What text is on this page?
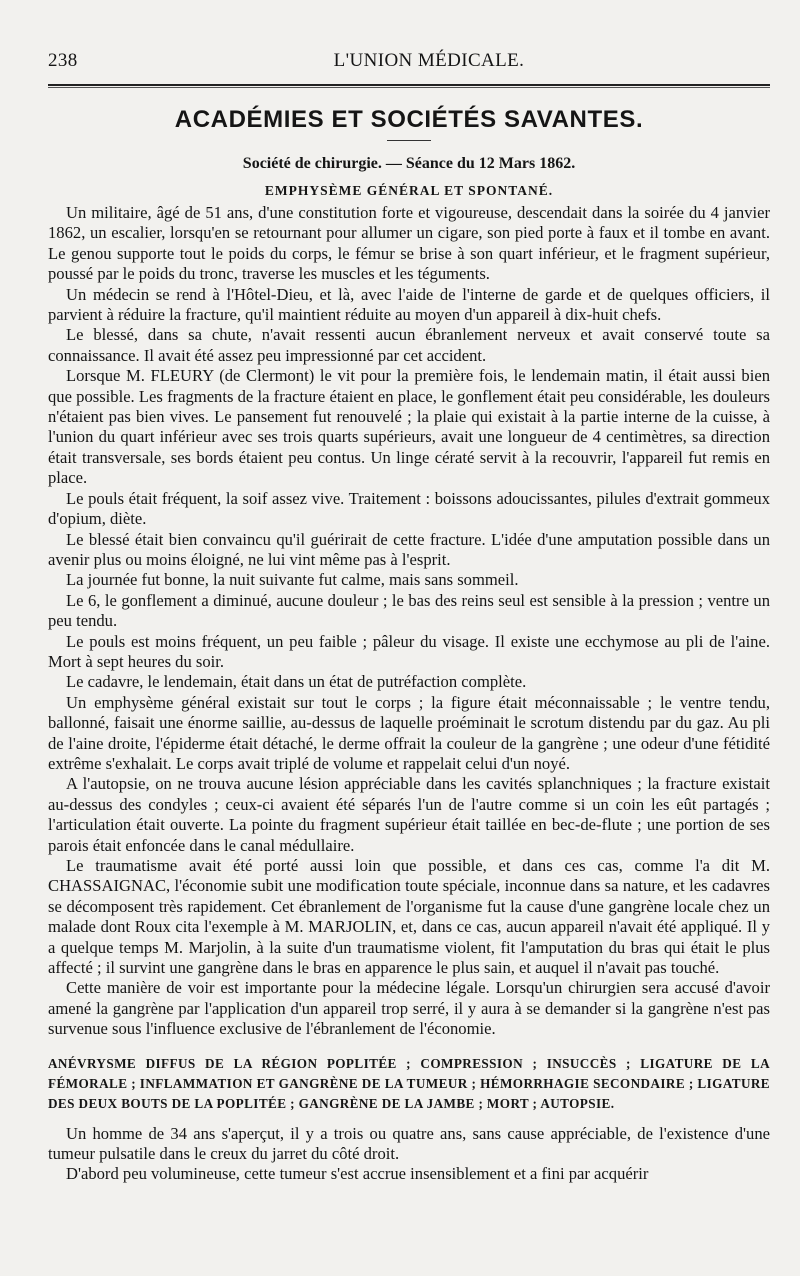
238	L'UNION MÉDICALE.
ACADÉMIES ET SOCIÉTÉS SAVANTES.
Société de chirurgie. — Séance du 12 Mars 1862.
EMPHYSÈME GÉNÉRAL ET SPONTANÉ.

Un militaire, âgé de 51 ans, d'une constitution forte et vigoureuse, descendait dans la soirée du 4 janvier 1862, un escalier, lorsqu'en se retournant pour allumer un cigare, son pied porte à faux et il tombe en avant. Le genou supporte tout le poids du corps, le fémur se brise à son quart inférieur, et le fragment supérieur, poussé par le poids du tronc, traverse les muscles et les téguments.

Un médecin se rend à l'Hôtel-Dieu, et là, avec l'aide de l'interne de garde et de quelques officiers, il parvient à réduire la fracture, qu'il maintient réduite au moyen d'un appareil à dix-huit chefs.

Le blessé, dans sa chute, n'avait ressenti aucun ébranlement nerveux et avait conservé toute sa connaissance. Il avait été assez peu impressionné par cet accident.

Lorsque M. FLEURY (de Clermont) le vit pour la première fois, le lendemain matin, il était aussi bien que possible. Les fragments de la fracture étaient en place, le gonflement était peu considérable, les douleurs n'étaient pas bien vives. Le pansement fut renouvelé ; la plaie qui existait à la partie interne de la cuisse, à l'union du quart inférieur avec ses trois quarts supérieurs, avait une longueur de 4 centimètres, sa direction était transversale, ses bords étaient peu contus. Un linge cératé servit à la recouvrir, l'appareil fut remis en place.

Le pouls était fréquent, la soif assez vive. Traitement : boissons adoucissantes, pilules d'extrait gommeux d'opium, diète.

Le blessé était bien convaincu qu'il guérirait de cette fracture. L'idée d'une amputation possible dans un avenir plus ou moins éloigné, ne lui vint même pas à l'esprit.

La journée fut bonne, la nuit suivante fut calme, mais sans sommeil.

Le 6, le gonflement a diminué, aucune douleur ; le bas des reins seul est sensible à la pression ; ventre un peu tendu.

Le pouls est moins fréquent, un peu faible ; pâleur du visage. Il existe une ecchymose au pli de l'aine. Mort à sept heures du soir.

Le cadavre, le lendemain, était dans un état de putréfaction complète.

Un emphysème général existait sur tout le corps ; la figure était méconnaissable ; le ventre tendu, ballonné, faisait une énorme saillie, au-dessus de laquelle proéminait le scrotum distendu par du gaz. Au pli de l'aine droite, l'épiderme était détaché, le derme offrait la couleur de la gangrène ; une odeur d'une fétidité extrême s'exhalait. Le corps avait triplé de volume et rappelait celui d'un noyé.

A l'autopsie, on ne trouva aucune lésion appréciable dans les cavités splanchniques ; la fracture existait au-dessus des condyles ; ceux-ci avaient été séparés l'un de l'autre comme si un coin les eût partagés ; l'articulation était ouverte. La pointe du fragment supérieur était taillée en bec-de-flute ; une portion de ses parois était enfoncée dans le canal médullaire.

Le traumatisme avait été porté aussi loin que possible, et dans ces cas, comme l'a dit M. CHASSAIGNAC, l'économie subit une modification toute spéciale, inconnue dans sa nature, et les cadavres se décomposent très rapidement. Cet ébranlement de l'organisme fut la cause d'une gangrène locale chez un malade dont Roux cita l'exemple à M. MARJOLIN, et, dans ce cas, aucun appareil n'avait été appliqué. Il y a quelque temps M. Marjolin, à la suite d'un traumatisme violent, fit l'amputation du bras qui était le plus affecté ; il survint une gangrène dans le bras en apparence le plus sain, et auquel il n'avait pas touché.

Cette manière de voir est importante pour la médecine légale. Lorsqu'un chirurgien sera accusé d'avoir amené la gangrène par l'application d'un appareil trop serré, il y aura à se demander si la gangrène n'est pas survenue sous l'influence exclusive de l'ébranlement de l'économie.

ANÉVRYSME DIFFUS DE LA RÉGION POPLITÉE ; COMPRESSION ; INSUCCÈS ; LIGATURE DE LA FÉMORALE ; INFLAMMATION ET GANGRÈNE DE LA TUMEUR ; HÉMORRHAGIE SECONDAIRE ; LIGATURE DES DEUX BOUTS DE LA POPLITÉE ; GANGRÈNE DE LA JAMBE ; MORT ; AUTOPSIE.

Un homme de 34 ans s'aperçut, il y a trois ou quatre ans, sans cause appréciable, de l'existence d'une tumeur pulsatile dans le creux du jarret du côté droit.

D'abord peu volumineuse, cette tumeur s'est accrue insensiblement et a fini par acquérir
